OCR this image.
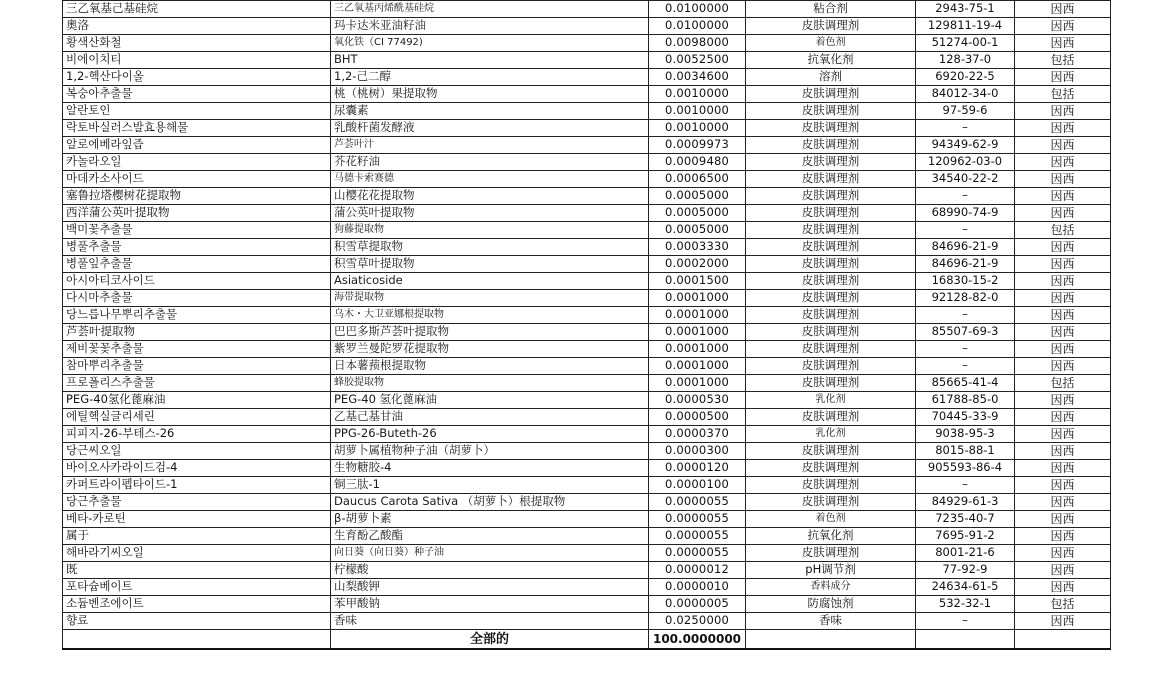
三乙氧基己基硅烷	三乙氧基丙烯酰基硅烷	0.0100000	粘合剂	2943-75-1	因西
奧洛	玛卡达米亚油籽油	0.0100000	皮肤调理剂	129811-19-4	因西
황색산화철	氧化铁（CI 77492)	0.0098000	着色剂	51274-00-1	因西
비에이치티	BHT	0.0052500	抗氧化剂	128-37-0	包括
1,2-헥산다이올	1,2-己二醇	0.0034600	溶剂	6920-22-5	因西
복숭아추출물	桃（桃树）果提取物	0.0010000	皮肤调理剂	84012-34-0	包括
알란토인	尿囊素	0.0010000	皮肤调理剂	97-59-6	因西
락토바실러스발효용해물	乳酸杆菌发酵液	0.0010000	皮肤调理剂	–	因西
알로에베라잎즙	芦荟叶汁	0.0009973	皮肤调理剂	94349-62-9	因西
카놀라오일	芥花籽油	0.0009480	皮肤调理剂	120962-03-0	因西
마데카소사이드	马德卡索赛德	0.0006500	皮肤调理剂	34540-22-2	因西
塞鲁拉塔樱树花提取物	山樱花花提取物	0.0005000	皮肤调理剂	–	因西
西洋蒲公英叶提取物	蒲公英叶提取物	0.0005000	皮肤调理剂	68990-74-9	因西
백미꽃추출물	狗藤提取物	0.0005000	皮肤调理剂	–	包括
병풀추출물	积雪草提取物	0.0003330	皮肤调理剂	84696-21-9	因西
병풀잎추출물	积雪草叶提取物	0.0002000	皮肤调理剂	84696-21-9	因西
아시아티코사이드	Asiaticoside	0.0001500	皮肤调理剂	16830-15-2	因西
다시마추출물	海带提取物	0.0001000	皮肤调理剂	92128-82-0	因西
당느릅나무뿌리추출물	乌木・大卫亚娜根提取物	0.0001000	皮肤调理剂	–	因西
芦荟叶提取物	巴巴多斯芦荟叶提取物	0.0001000	皮肤调理剂	85507-69-3	因西
제비꽃꽃추출물	紫罗兰曼陀罗花提取物	0.0001000	皮肤调理剂	–	因西
참마뿌리추출물	日本薯蓣根提取物	0.0001000	皮肤调理剂	–	因西
프로폴리스추출물	蜂胶提取物	0.0001000	皮肤调理剂	85665-41-4	包括
PEG-40氢化蓖麻油	PEG-40 氢化蓖麻油	0.0000530	乳化剂	61788-85-0	因西
에틸헥실글리세린	乙基己基甘油	0.0000500	皮肤调理剂	70445-33-9	因西
피피지-26-부테스-26	PPG-26-Buteth-26	0.0000370	乳化剂	9038-95-3	因西
당근씨오일	胡萝卜属植物种子油（胡萝卜）	0.0000300	皮肤调理剂	8015-88-1	因西
바이오사카라이드검-4	生物糖胶-4	0.0000120	皮肤调理剂	905593-86-4	因西
카퍼트라이펩타이드-1	铜三肽-1	0.0000100	皮肤调理剂	–	因西
당근추출물	Daucus Carota Sativa （胡萝卜）根提取物	0.0000055	皮肤调理剂	84929-61-3	因西
베타-카로틴	β-胡萝卜素	0.0000055	着色剂	7235-40-7	因西
属于	生育酚乙酸酯	0.0000055	抗氧化剂	7695-91-2	因西
해바라기씨오일	向日葵（向日葵）种子油	0.0000055	皮肤调理剂	8001-21-6	因西
既	柠檬酸	0.0000012	pH调节剂	77-92-9	因西
포타슘베이트	山梨酸钾	0.0000010	香料成分	24634-61-5	因西
소듐벤조에이트	苯甲酸钠	0.0000005	防腐蚀剂	532-32-1	包括
향료	香味	0.0250000	香味	–	因西
	全部的	100.0000000			
